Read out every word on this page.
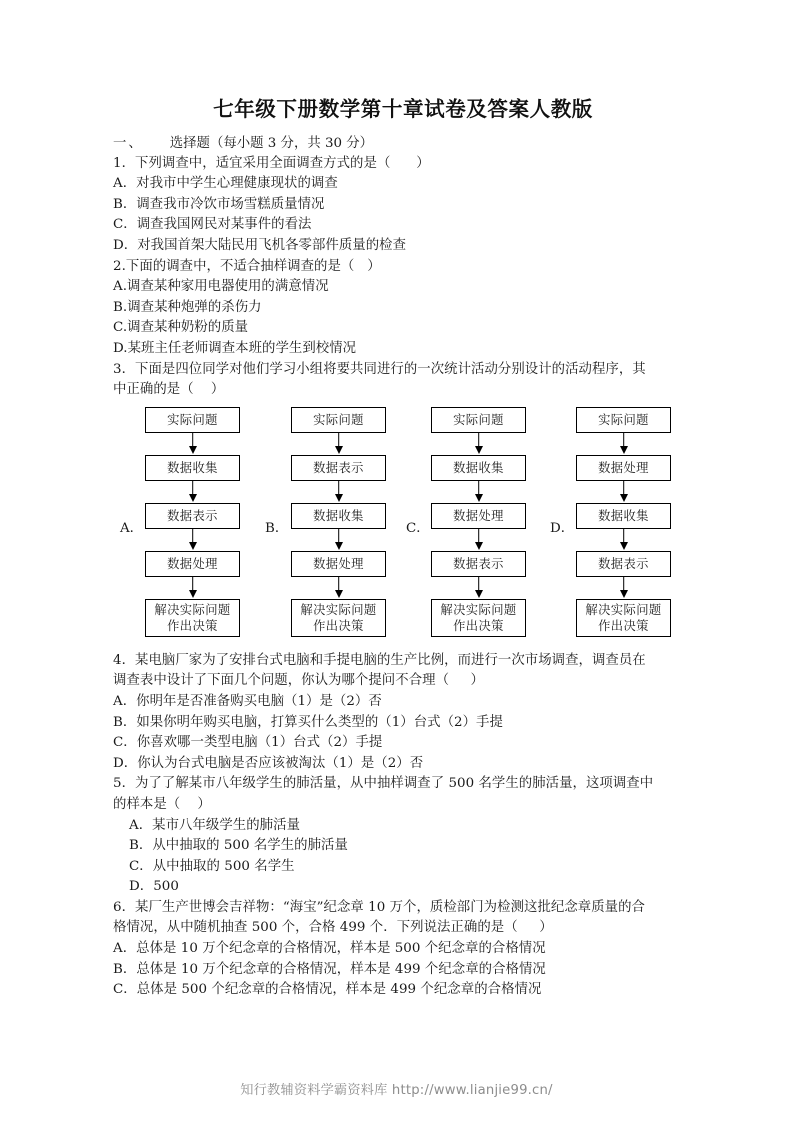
七年级下册数学第十章试卷及答案人教版

一、 选择题（每小题 3 分，共 30 分）

1．下列调查中，适宜采用全面调查方式的是（      ）

A．对我市中学生心理健康现状的调查

B．调查我市冷饮市场雪糕质量情况

C．调查我国网民对某事件的看法

D．对我国首架大陆民用飞机各零部件质量的检查

2.下面的调查中，不适合抽样调查的是（   ）

A.调查某种家用电器使用的满意情况

B.调查某种炮弹的杀伤力

C.调查某种奶粉的质量

D.某班主任老师调查本班的学生到校情况

3．下面是四位同学对他们学习小组将要共同进行的一次统计活动分别设计的活动程序，其

中正确的是（    ）

A．
实际问题
数据收集
数据表示
数据处理
解决实际问题
作出决策
B．
实际问题
数据表示
数据收集
数据处理
解决实际问题
作出决策
C．
实际问题
数据收集
数据处理
数据表示
解决实际问题
作出决策
D．
实际问题
数据处理
数据收集
数据表示
解决实际问题
作出决策

4．某电脑厂家为了安排台式电脑和手提电脑的生产比例，而进行一次市场调查，调查员在

调查表中设计了下面几个问题，你认为哪个提问不合理（     ）

A．你明年是否准备购买电脑（1）是（2）否

B．如果你明年购买电脑，打算买什么类型的（1）台式（2）手提

C．你喜欢哪一类型电脑（1）台式（2）手提

D．你认为台式电脑是否应该被淘汰（1）是（2）否

5．为了了解某市八年级学生的肺活量，从中抽样调查了 500 名学生的肺活量，这项调查中

的样本是（    ）

A．某市八年级学生的肺活量

B．从中抽取的 500 名学生的肺活量

C．从中抽取的 500 名学生

D．500

6．某厂生产世博会吉祥物：“海宝”纪念章 10 万个，质检部门为检测这批纪念章质量的合

格情况，从中随机抽查 500 个，合格 499 个．下列说法正确的是（     ）

A．总体是 10 万个纪念章的合格情况，样本是 500 个纪念章的合格情况

B．总体是 10 万个纪念章的合格情况，样本是 499 个纪念章的合格情况

C．总体是 500 个纪念章的合格情况，样本是 499 个纪念章的合格情况

知行教辅资料学霸资料库 http://www.lianjie99.cn/
